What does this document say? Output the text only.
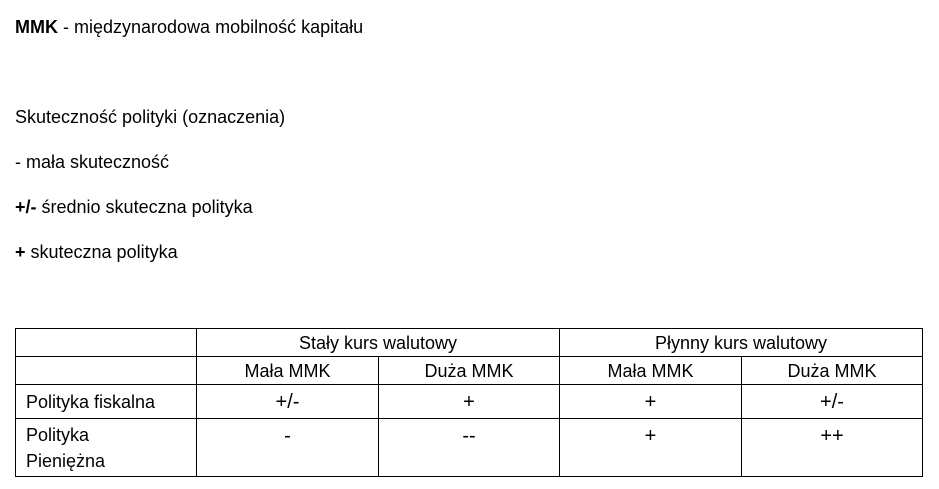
MMK - międzynarodowa mobilność kapitału
Skuteczność polityki (oznaczenia)
- mała skuteczność
+/- średnio skuteczna polityka
+ skuteczna polityka
	Stały kurs walutowy		Płynny kurs walutowy	
	Mała MMK	Duża MMK	Mała MMK	Duża MMK
Polityka fiskalna	+/-	+	+	+/-
Polityka
Pieniężna	-	--	+	++
